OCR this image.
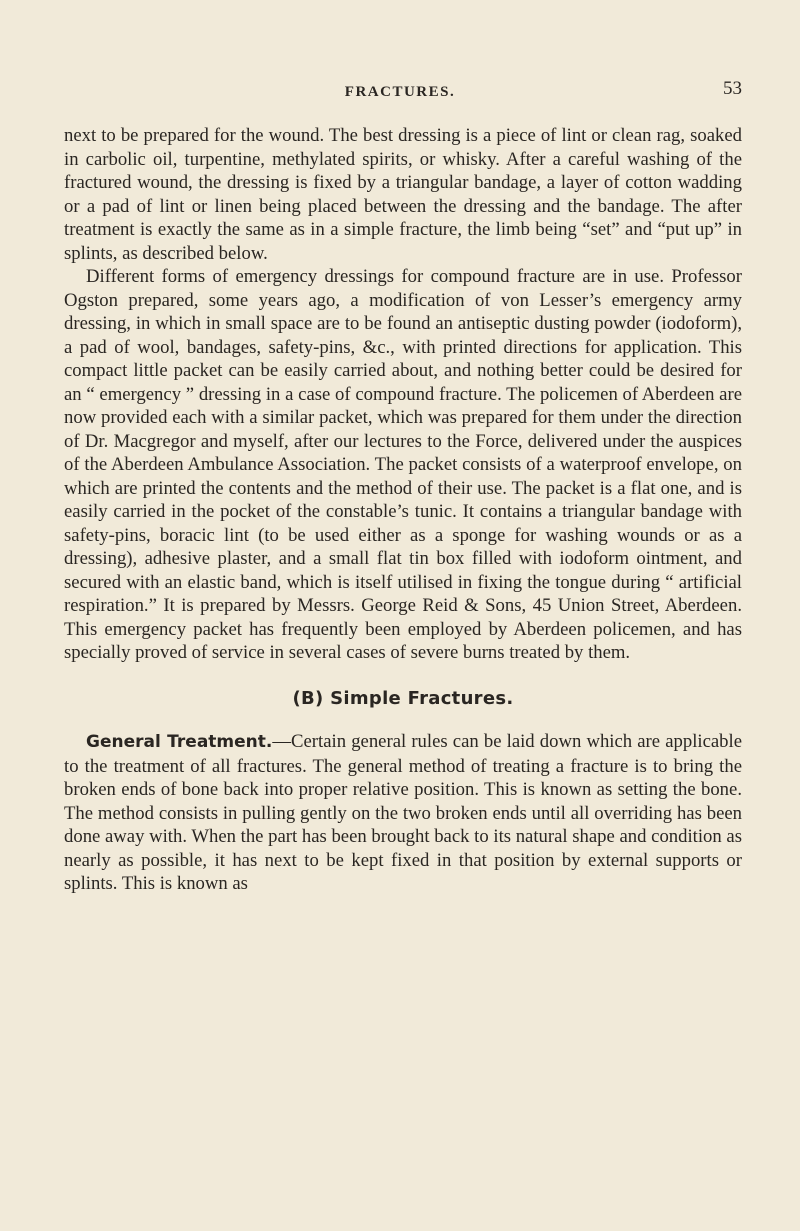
FRACTURES.	53

next to be prepared for the wound. The best dressing is a piece of lint or clean rag, soaked in carbolic oil, turpentine, methylated spirits, or whisky. After a careful washing of the fractured wound, the dressing is fixed by a triangular bandage, a layer of cotton wadding or a pad of lint or linen being placed between the dressing and the bandage. The after treatment is exactly the same as in a simple fracture, the limb being “set” and “put up” in splints, as described below.

Different forms of emergency dressings for compound fracture are in use. Professor Ogston prepared, some years ago, a modification of von Lesser’s emergency army dressing, in which in small space are to be found an antiseptic dusting powder (iodoform), a pad of wool, bandages, safety-pins, &c., with printed directions for application. This compact little packet can be easily carried about, and nothing better could be desired for an “ emergency ” dressing in a case of compound fracture. The policemen of Aberdeen are now provided each with a similar packet, which was prepared for them under the direction of Dr. Macgregor and myself, after our lectures to the Force, delivered under the auspices of the Aberdeen Ambulance Association. The packet consists of a waterproof envelope, on which are printed the contents and the method of their use. The packet is a flat one, and is easily carried in the pocket of the constable’s tunic. It contains a triangular bandage with safety-pins, boracic lint (to be used either as a sponge for washing wounds or as a dressing), adhesive plaster, and a small flat tin box filled with iodoform ointment, and secured with an elastic band, which is itself utilised in fixing the tongue during “ artificial respiration.” It is prepared by Messrs. George Reid & Sons, 45 Union Street, Aberdeen. This emergency packet has frequently been employed by Aberdeen policemen, and has specially proved of service in several cases of severe burns treated by them.

(B) Simple Fractures.

General Treatment.—Certain general rules can be laid down which are applicable to the treatment of all fractures. The general method of treating a fracture is to bring the broken ends of bone back into proper relative position. This is known as setting the bone. The method consists in pulling gently on the two broken ends until all overriding has been done away with. When the part has been brought back to its natural shape and condition as nearly as possible, it has next to be kept fixed in that position by external supports or splints. This is known as
